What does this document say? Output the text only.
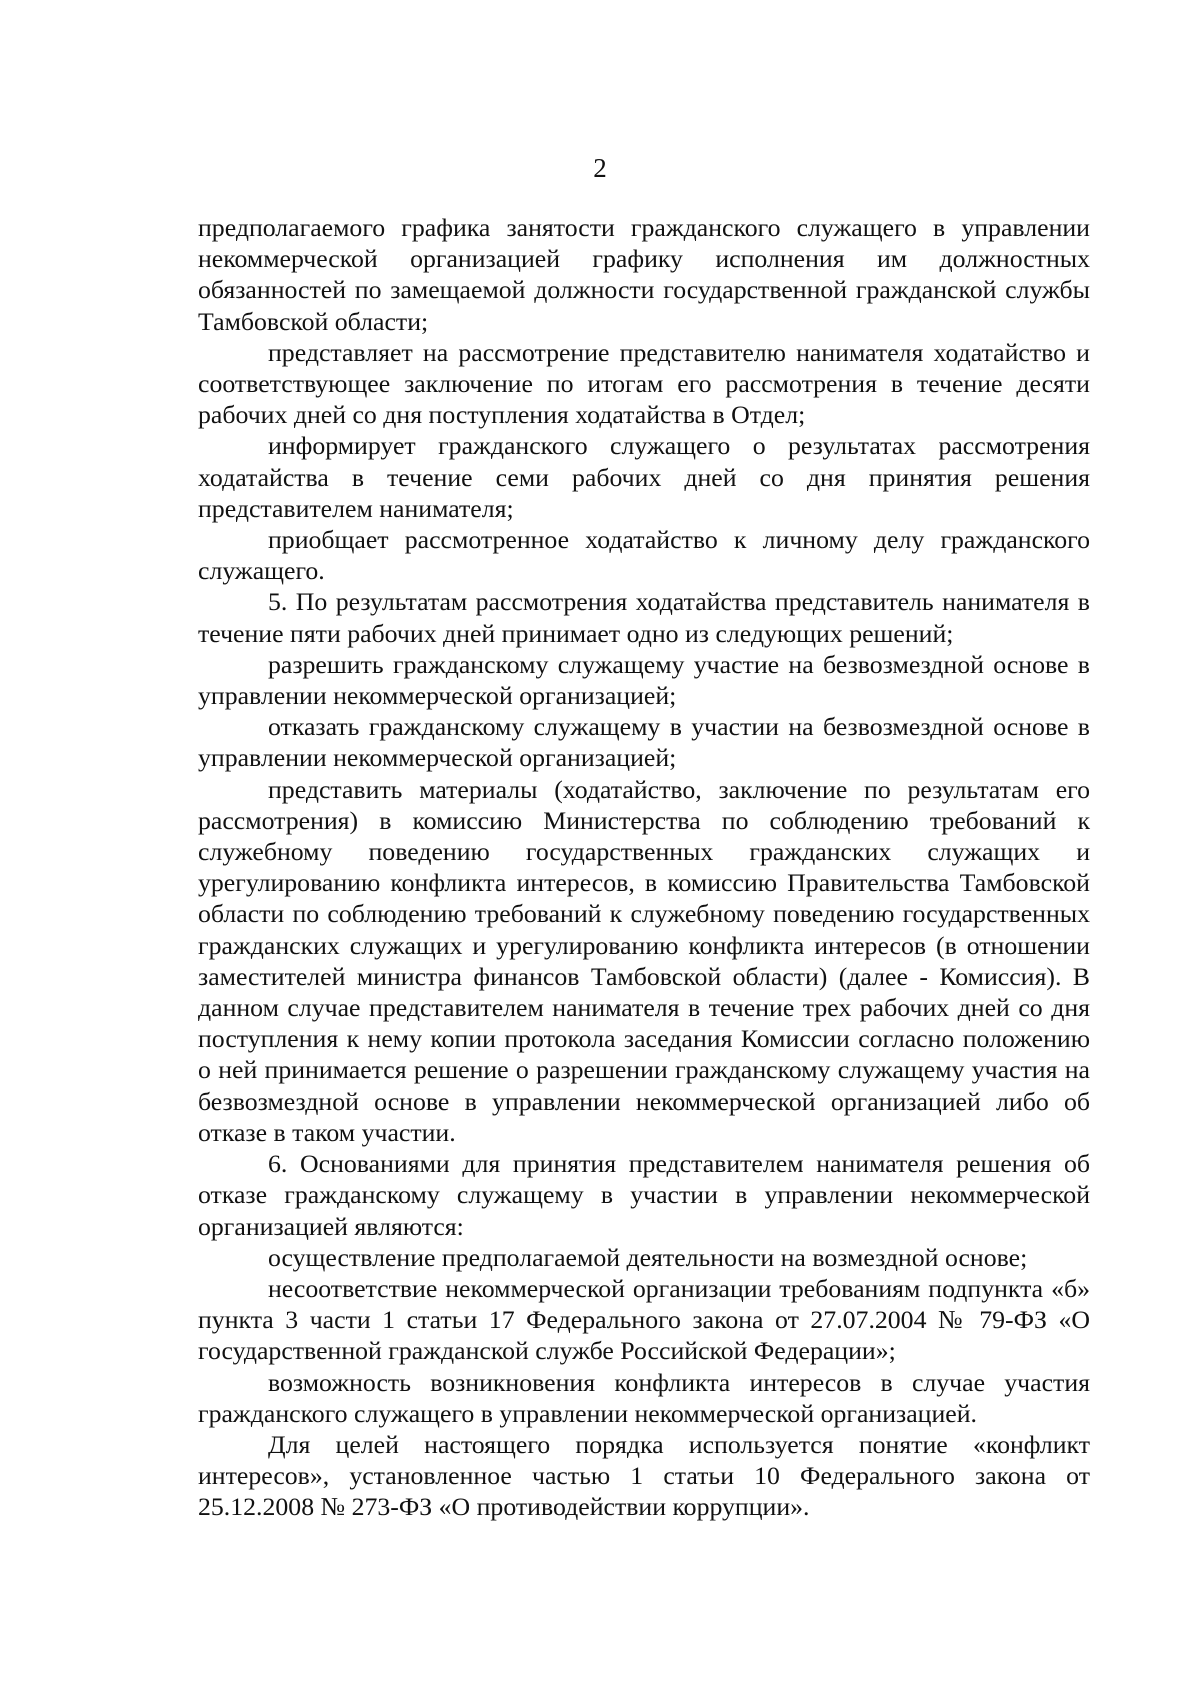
2

предполагаемого графика занятости гражданского служащего в управлении некоммерческой организацией графику исполнения им должностных обязанностей по замещаемой должности государственной гражданской службы Тамбовской области;

представляет на рассмотрение представителю нанимателя ходатайство и соответствующее заключение по итогам его рассмотрения в течение десяти рабочих дней со дня поступления ходатайства в Отдел;

информирует гражданского служащего о результатах рассмотрения ходатайства в течение семи рабочих дней со дня принятия решения представителем нанимателя;

приобщает рассмотренное ходатайство к личному делу гражданского служащего.

5. По результатам рассмотрения ходатайства представитель нанимателя в течение пяти рабочих дней принимает одно из следующих решений;

разрешить гражданскому служащему участие на безвозмездной основе в управлении некоммерческой организацией;

отказать гражданскому служащему в участии на безвозмездной основе в управлении некоммерческой организацией;

представить материалы (ходатайство, заключение по результатам его рассмотрения) в комиссию Министерства по соблюдению требований к служебному поведению государственных гражданских служащих и урегулированию конфликта интересов, в комиссию Правительства Тамбовской области по соблюдению требований к служебному поведению государственных гражданских служащих и урегулированию конфликта интересов (в отношении заместителей министра финансов Тамбовской области) (далее - Комиссия). В данном случае представителем нанимателя в течение трех рабочих дней со дня поступления к нему копии протокола заседания Комиссии согласно положению о ней принимается решение о разрешении гражданскому служащему участия на безвозмездной основе в управлении некоммерческой организацией либо об отказе в таком участии.

6. Основаниями для принятия представителем нанимателя решения об отказе гражданскому служащему в участии в управлении некоммерческой организацией являются:

осуществление предполагаемой деятельности на возмездной основе;

несоответствие некоммерческой организации требованиям подпункта «б» пункта 3 части 1 статьи 17 Федерального закона от 27.07.2004 № 79-ФЗ «О государственной гражданской службе Российской Федерации»;

возможность возникновения конфликта интересов в случае участия гражданского служащего в управлении некоммерческой организацией.

Для целей настоящего порядка используется понятие «конфликт интересов», установленное частью 1 статьи 10 Федерального закона от 25.12.2008 № 273-ФЗ «О противодействии коррупции».
